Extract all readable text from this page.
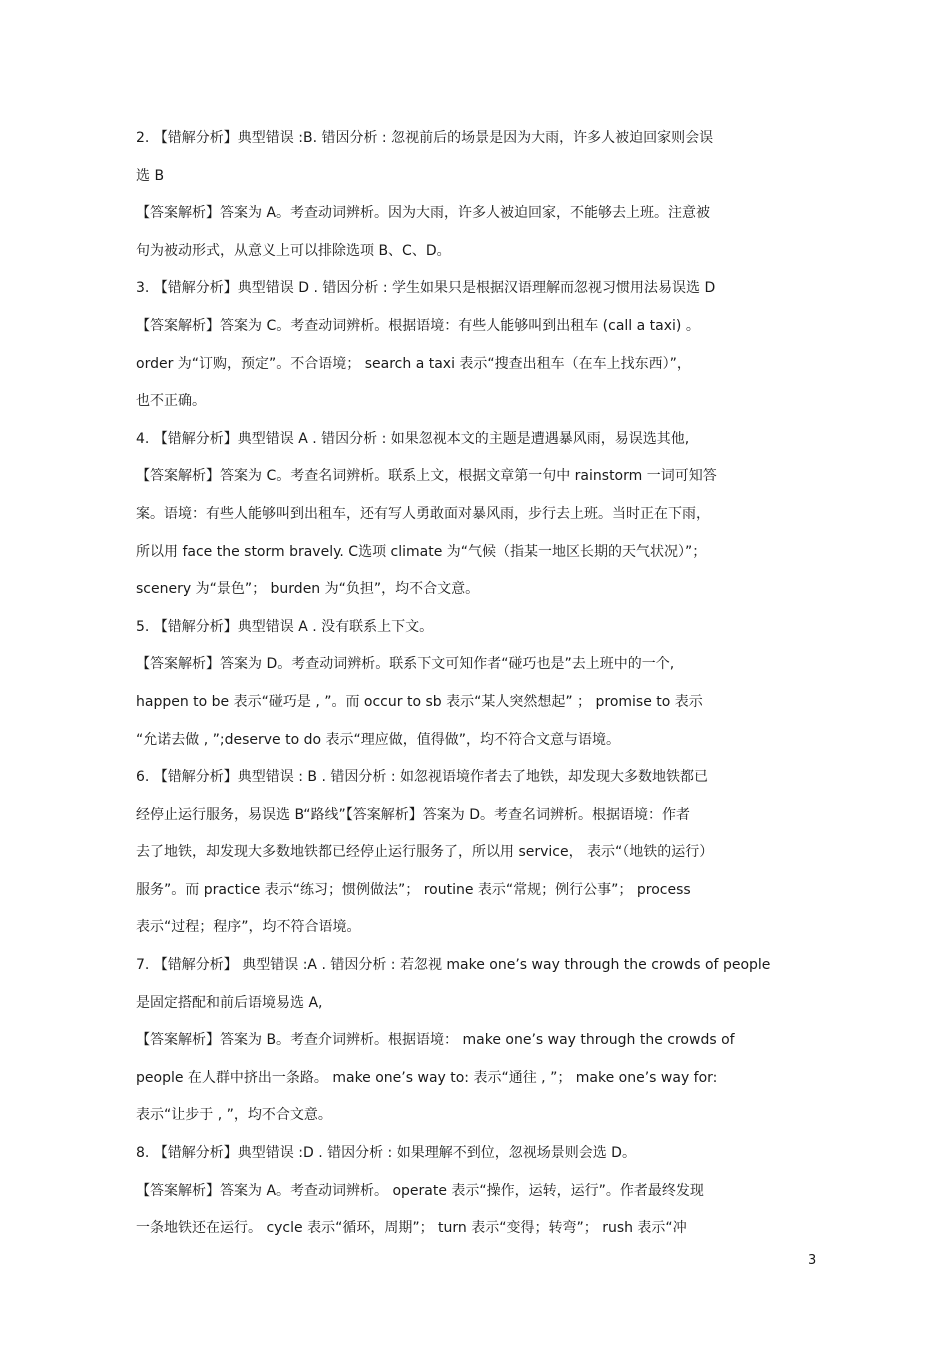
2. 【错解分析】典型错误 :B. 错因分析 : 忽视前后的场景是因为大雨，许多人被迫回家则会误
选 B
【答案解析】答案为 A。考查动词辨析。因为大雨，许多人被迫回家，不能够去上班。注意被
句为被动形式，从意义上可以排除选项 B、C、D。
3. 【错解分析】典型错误 D . 错因分析 : 学生如果只是根据汉语理解而忽视习惯用法易误选 D
【答案解析】答案为 C。考查动词辨析。根据语境：有些人能够叫到出租车 (call a taxi) 。
order 为“订购，预定”。不合语境； search a taxi 表示“搜查出租车（在车上找东西）”，
也不正确。
4. 【错解分析】典型错误 A . 错因分析 : 如果忽视本文的主题是遭遇暴风雨，易误选其他,
【答案解析】答案为 C。考查名词辨析。联系上文，根据文章第一句中 rainstorm 一词可知答
案。语境：有些人能够叫到出租车，还有写人勇敢面对暴风雨，步行去上班。当时正在下雨，
所以用 face the storm bravely. C选项 climate 为“气候（指某一地区长期的天气状况）”；
scenery 为“景色”； burden 为“负担”，均不合文意。
5. 【错解分析】典型错误 A . 没有联系上下文。
【答案解析】答案为 D。考查动词辨析。联系下文可知作者“碰巧也是”去上班中的一个,
happen to be 表示“碰巧是 , ”。而 occur to sb 表示“某人突然想起” ； promise to 表示
“允诺去做 , ”;deserve to do 表示“理应做，值得做”，均不符合文意与语境。
6. 【错解分析】典型错误 : B . 错因分析 : 如忽视语境作者去了地铁，却发现大多数地铁都已
经停止运行服务，易误选 B“路线”【答案解析】答案为 D。考查名词辨析。根据语境：作者
去了地铁，却发现大多数地铁都已经停止运行服务了，所以用 service， 表示“（地铁的运行）
服务”。而 practice 表示“练习；惯例做法”； routine 表示“常规；例行公事”； process
表示“过程；程序”，均不符合语境。
7. 【错解分析】 典型错误 :A . 错因分析 : 若忽视 make one’s way through the crowds of people
是固定搭配和前后语境易选 A,
【答案解析】答案为 B。考查介词辨析。根据语境： make one’s way through the crowds of
people 在人群中挤出一条路。 make one’s way to: 表示“通往 , ”； make one’s way for:
表示“让步于 , ”，均不合文意。
8. 【错解分析】典型错误 :D . 错因分析 : 如果理解不到位，忽视场景则会选 D。
【答案解析】答案为 A。考查动词辨析。 operate 表示“操作，运转，运行”。作者最终发现
一条地铁还在运行。 cycle 表示“循环，周期”； turn 表示“变得；转弯”； rush 表示“冲
3
